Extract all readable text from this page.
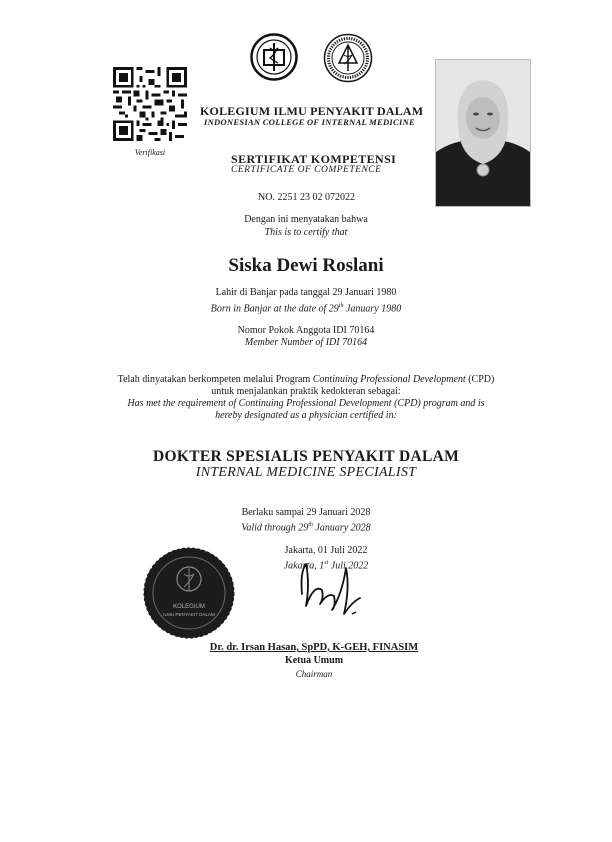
Verifikasi
KOLEGIUM ILMU PENYAKIT DALAM
INDONESIAN COLLEGE OF INTERNAL MEDICINE
SERTIFIKAT KOMPETENSI
CERTIFICATE OF COMPETENCE
NO. 2251 23 02 072022
Dengan ini menyatakan bahwa
This is to certify that
Siska Dewi Roslani
Lahir di Banjar pada tanggal 29 Januari 1980
Born in Banjar at the date of 29th January 1980
Nomor Pokok Anggota IDI 70164
Member Number of IDI 70164
Telah dinyatakan berkompeten melalui Program Continuing Professional Development (CPD)
untuk menjalankan praktik kedokteran sebagai:
Has met the requirement of Continuing Professional Development (CPD) program and is
hereby designated as a physician certified in:
DOKTER SPESIALIS PENYAKIT DALAM
INTERNAL MEDICINE SPECIALIST
Berlaku sampai 29 Januari 2028
Valid through 29th January 2028
Jakarta, 01 Juli 2022
Jakarta, 1st Juli 2022
KOLEGIUM
ILMU PENYAKIT DALAM
Dr. dr. Irsan Hasan, SpPD, K-GEH, FINASIM
Ketua Umum
Chairman
